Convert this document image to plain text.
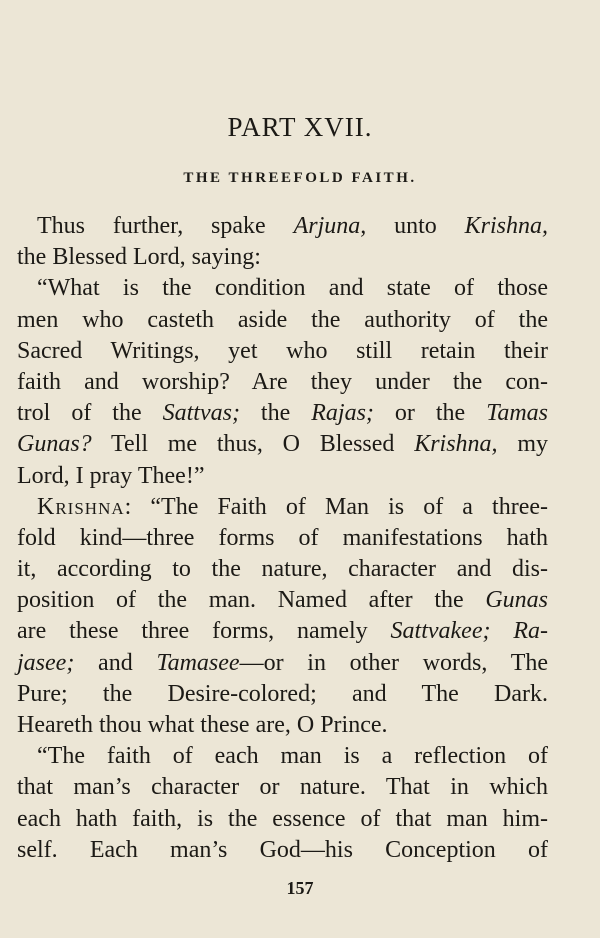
PART XVII.
THE THREEFOLD FAITH.
Thus further, spake Arjuna, unto Krishna,
the Blessed Lord, saying:
“What is the condition and state of those
men who casteth aside the authority of the
Sacred Writings, yet who still retain their
faith and worship? Are they under the con-
trol of the Sattvas; the Rajas; or the Tamas
Gunas? Tell me thus, O Blessed Krishna, my
Lord, I pray Thee!”
Krishna: “The Faith of Man is of a three-
fold kind—three forms of manifestations hath
it, according to the nature, character and dis-
position of the man. Named after the Gunas
are these three forms, namely Sattvakee; Ra-
jasee; and Tamasee—or in other words, The
Pure; the Desire-colored; and The Dark.
Heareth thou what these are, O Prince.
“The faith of each man is a reflection of
that man’s character or nature. That in which
each hath faith, is the essence of that man him-
self. Each man’s God—his Conception of
157
